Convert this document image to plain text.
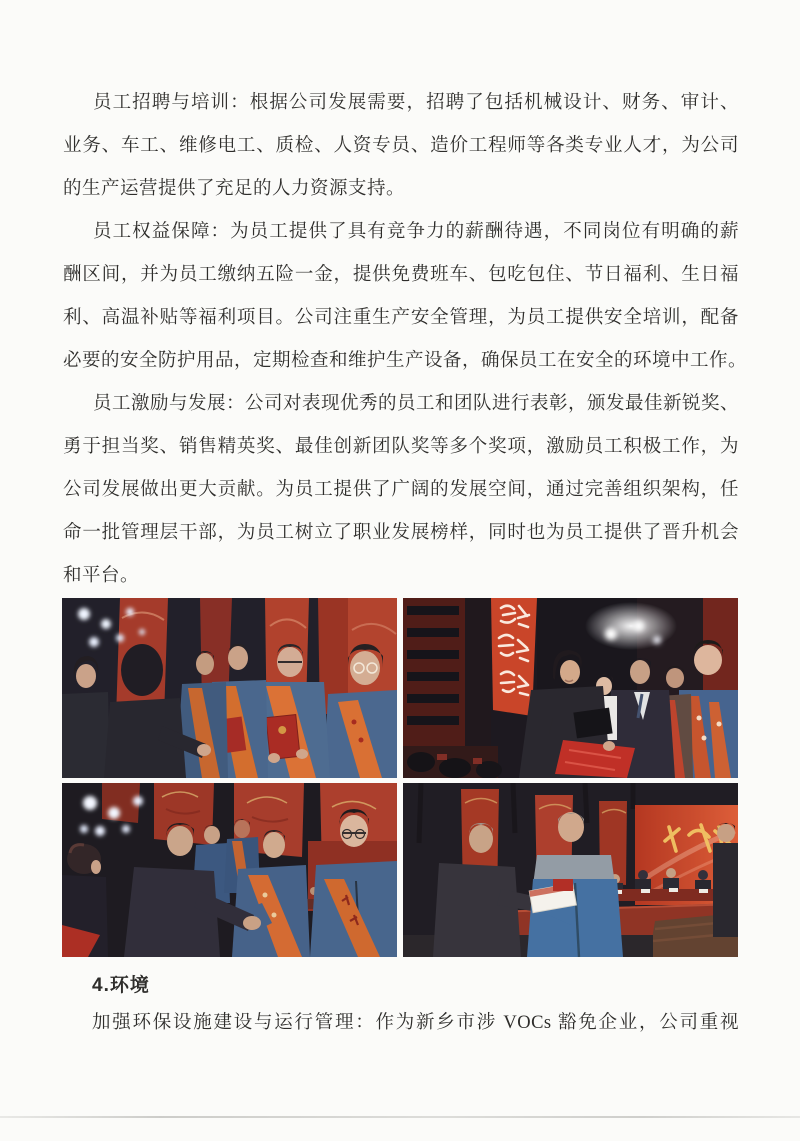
员工招聘与培训：根据公司发展需要，招聘了包括机械设计、财务、审计、
业务、车工、维修电工、质检、人资专员、造价工程师等各类专业人才，为公司
的生产运营提供了充足的人力资源支持。
员工权益保障：为员工提供了具有竞争力的薪酬待遇，不同岗位有明确的薪
酬区间，并为员工缴纳五险一金，提供免费班车、包吃包住、节日福利、生日福
利、高温补贴等福利项目。公司注重生产安全管理，为员工提供安全培训，配备
必要的安全防护用品，定期检查和维护生产设备，确保员工在安全的环境中工作。
员工激励与发展：公司对表现优秀的员工和团队进行表彰，颁发最佳新锐奖、
勇于担当奖、销售精英奖、最佳创新团队奖等多个奖项，激励员工积极工作，为
公司发展做出更大贡献。为员工提供了广阔的发展空间，通过完善组织架构，任
命一批管理层干部，为员工树立了职业发展榜样，同时也为员工提供了晋升机会
和平台。
4.环境
加强环保设施建设与运行管理：作为新乡市涉 VOCs 豁免企业，公司重视
